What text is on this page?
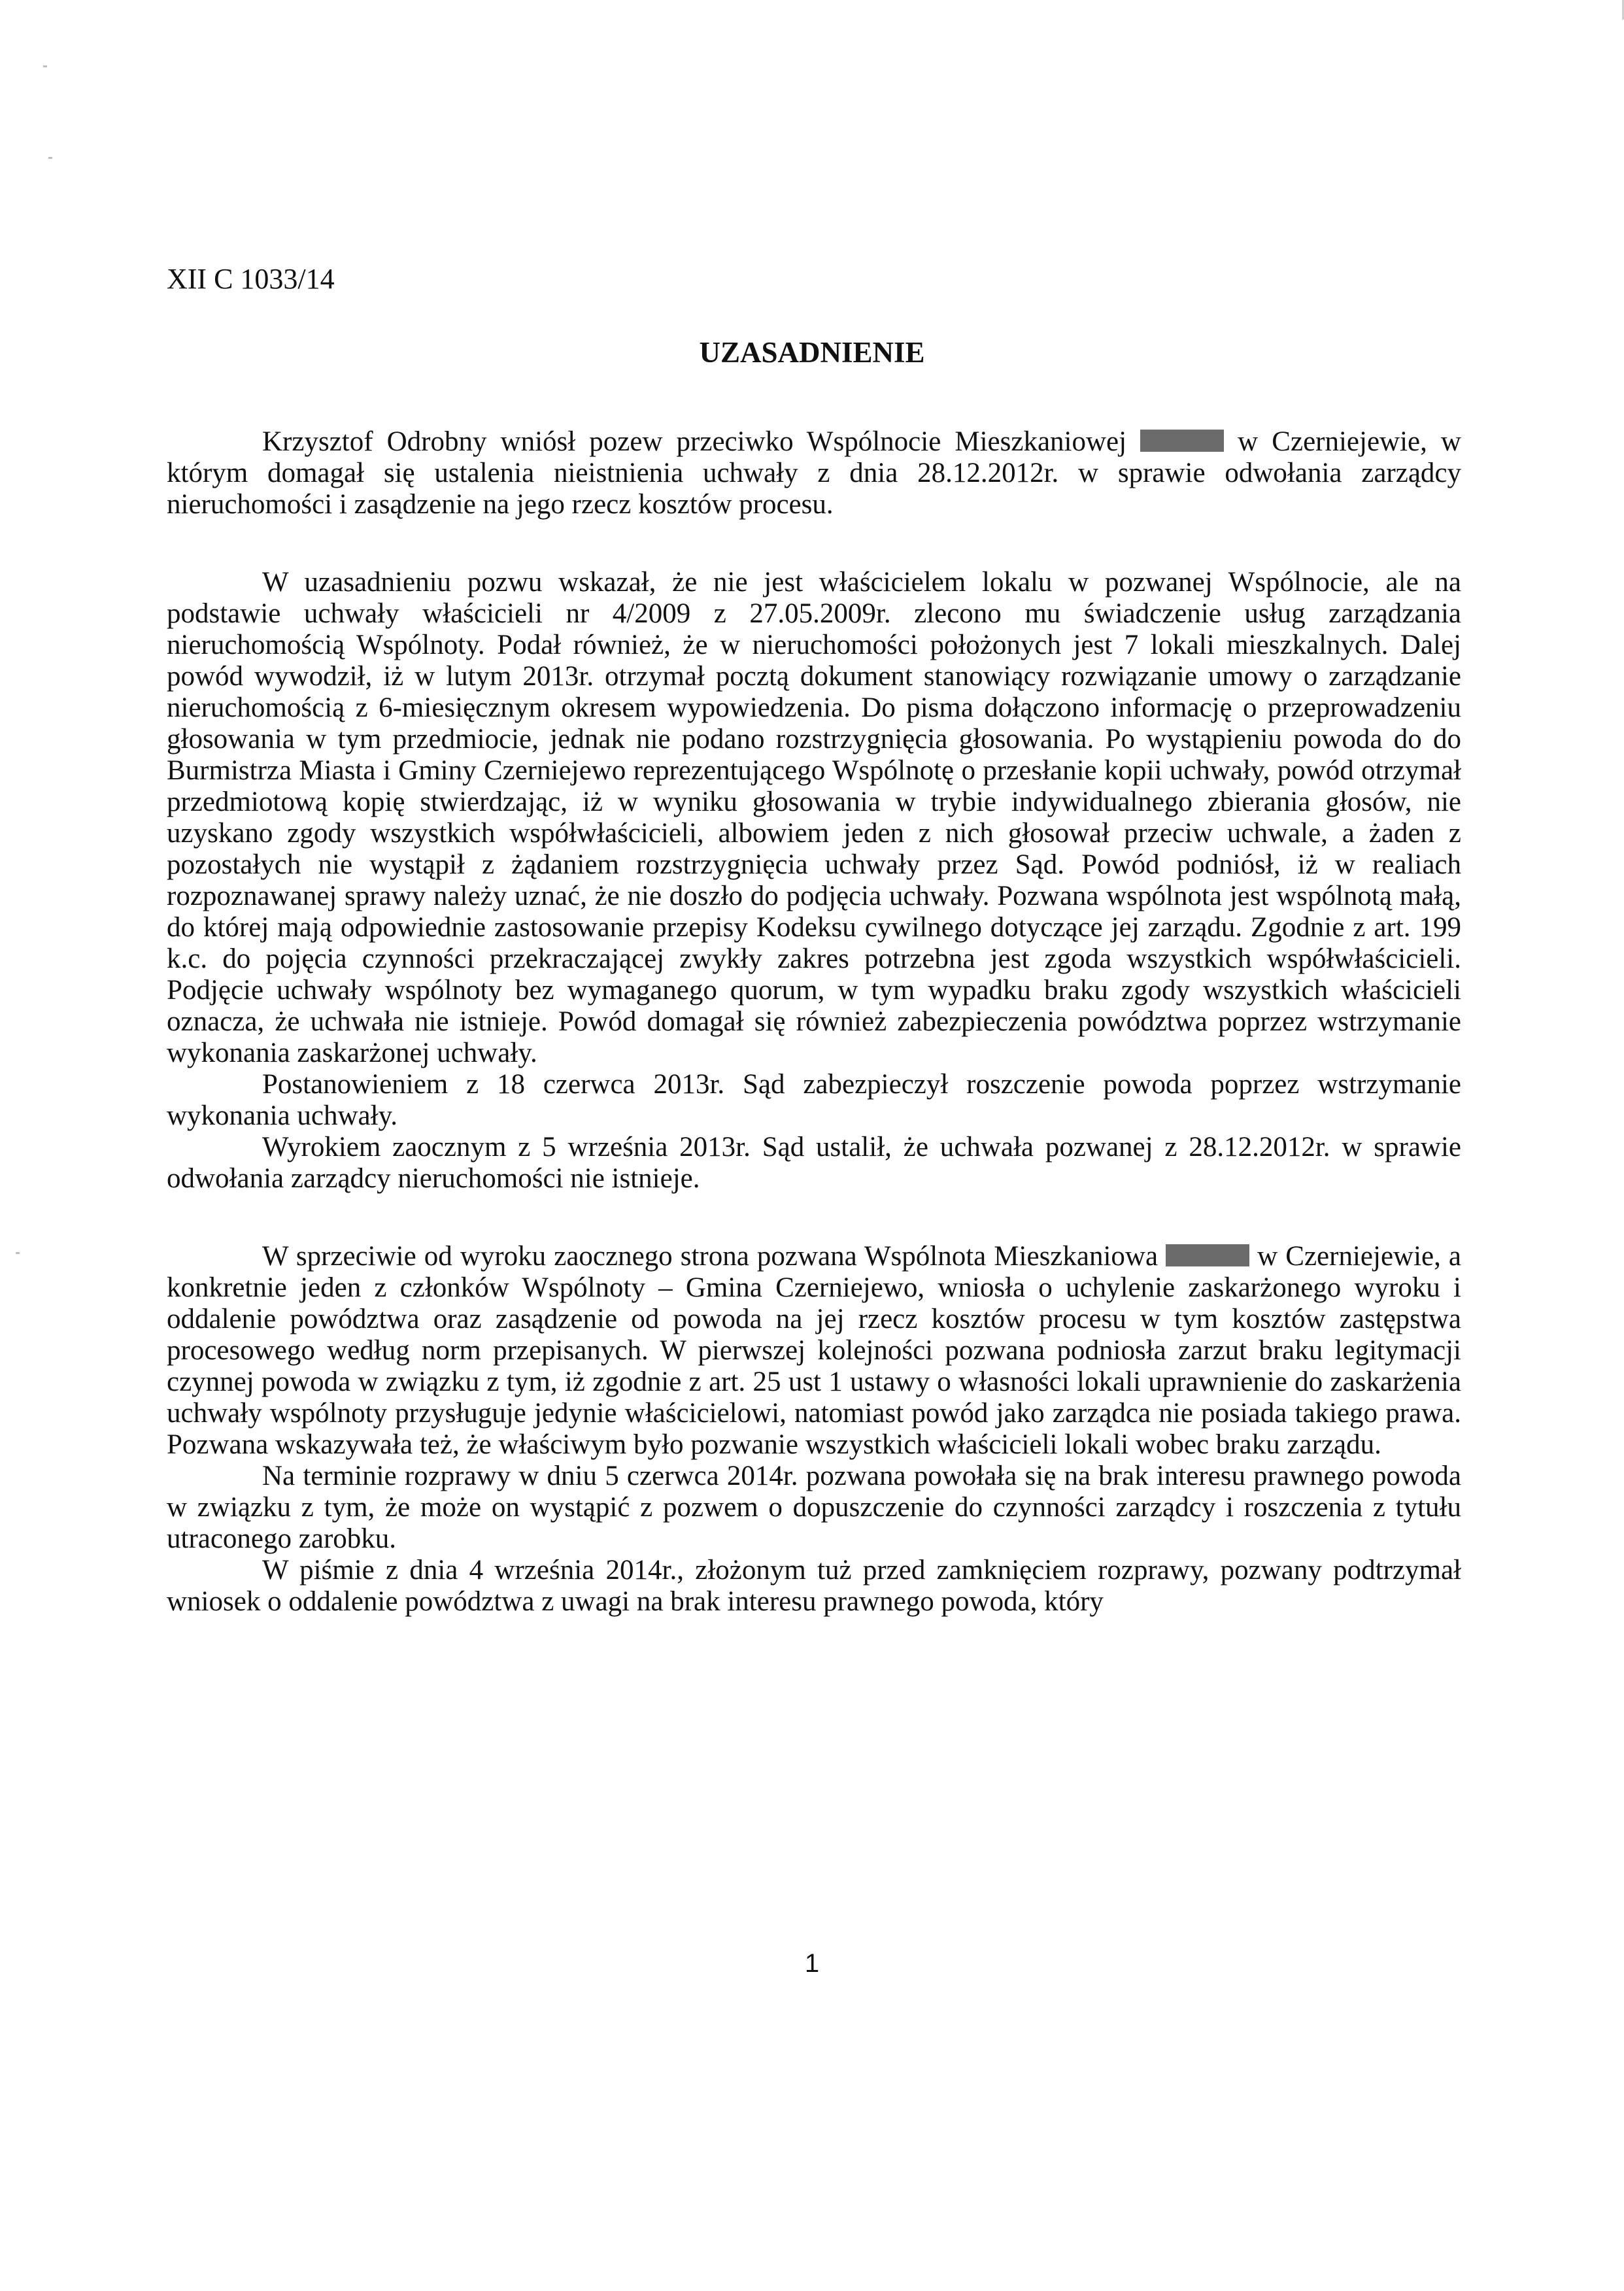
XII C 1033/14
UZASADNIENIE

Krzysztof Odrobny wniósł pozew przeciwko Wspólnocie Mieszkaniowej	w Czerniejewie, w którym domagał się ustalenia nieistnienia uchwały z dnia 28.12.2012r. w sprawie odwołania zarządcy nieruchomości i zasądzenie na jego rzecz kosztów procesu.

W uzasadnieniu pozwu wskazał, że nie jest właścicielem lokalu w pozwanej Wspólnocie, ale na podstawie uchwały właścicieli nr 4/2009 z 27.05.2009r. zlecono mu świadczenie usług zarządzania nieruchomością Wspólnoty. Podał również, że w nieruchomości położonych jest 7 lokali mieszkalnych. Dalej powód wywodził, iż w lutym 2013r. otrzymał pocztą dokument stanowiący rozwiązanie umowy o zarządzanie nieruchomością z 6-miesięcznym okresem wypowiedzenia. Do pisma dołączono informację o przeprowadzeniu głosowania w tym przedmiocie, jednak nie podano rozstrzygnięcia głosowania. Po wystąpieniu powoda do do Burmistrza Miasta i Gminy Czerniejewo reprezentującego Wspólnotę o przesłanie kopii uchwały, powód otrzymał przedmiotową kopię stwierdzając, iż w wyniku głosowania w trybie indywidualnego zbierania głosów, nie uzyskano zgody wszystkich współwłaścicieli, albowiem jeden z nich głosował przeciw uchwale, a żaden z pozostałych nie wystąpił z żądaniem rozstrzygnięcia uchwały przez Sąd. Powód podniósł, iż w realiach rozpoznawanej sprawy należy uznać, że nie doszło do podjęcia uchwały. Pozwana wspólnota jest wspólnotą małą, do której mają odpowiednie zastosowanie przepisy Kodeksu cywilnego dotyczące jej zarządu. Zgodnie z art. 199 k.c. do pojęcia czynności przekraczającej zwykły zakres potrzebna jest zgoda wszystkich współwłaścicieli. Podjęcie uchwały wspólnoty bez wymaganego quorum, w tym wypadku braku zgody wszystkich właścicieli oznacza, że uchwała nie istnieje. Powód domagał się również zabezpieczenia powództwa poprzez wstrzymanie wykonania zaskarżonej uchwały.

Postanowieniem z 18 czerwca 2013r. Sąd zabezpieczył roszczenie powoda poprzez wstrzymanie wykonania uchwały.

Wyrokiem zaocznym z 5 września 2013r. Sąd ustalił, że uchwała pozwanej z 28.12.2012r. w sprawie odwołania zarządcy nieruchomości nie istnieje.

W sprzeciwie od wyroku zaocznego strona pozwana Wspólnota Mieszkaniowa	w Czerniejewie, a konkretnie jeden z członków Wspólnoty – Gmina Czerniejewo, wniosła o uchylenie zaskarżonego wyroku i oddalenie powództwa oraz zasądzenie od powoda na jej rzecz kosztów procesu w tym kosztów zastępstwa procesowego według norm przepisanych. W pierwszej kolejności pozwana podniosła zarzut braku legitymacji czynnej powoda w związku z tym, iż zgodnie z art. 25 ust 1 ustawy o własności lokali uprawnienie do zaskarżenia uchwały wspólnoty przysługuje jedynie właścicielowi, natomiast powód jako zarządca nie posiada takiego prawa. Pozwana wskazywała też, że właściwym było pozwanie wszystkich właścicieli lokali wobec braku zarządu.

Na terminie rozprawy w dniu 5 czerwca 2014r. pozwana powołała się na brak interesu prawnego powoda w związku z tym, że może on wystąpić z pozwem o dopuszczenie do czynności zarządcy i roszczenia z tytułu utraconego zarobku.

W piśmie z dnia 4 września 2014r., złożonym tuż przed zamknięciem rozprawy, pozwany podtrzymał wniosek o oddalenie powództwa z uwagi na brak interesu prawnego powoda, który

1
